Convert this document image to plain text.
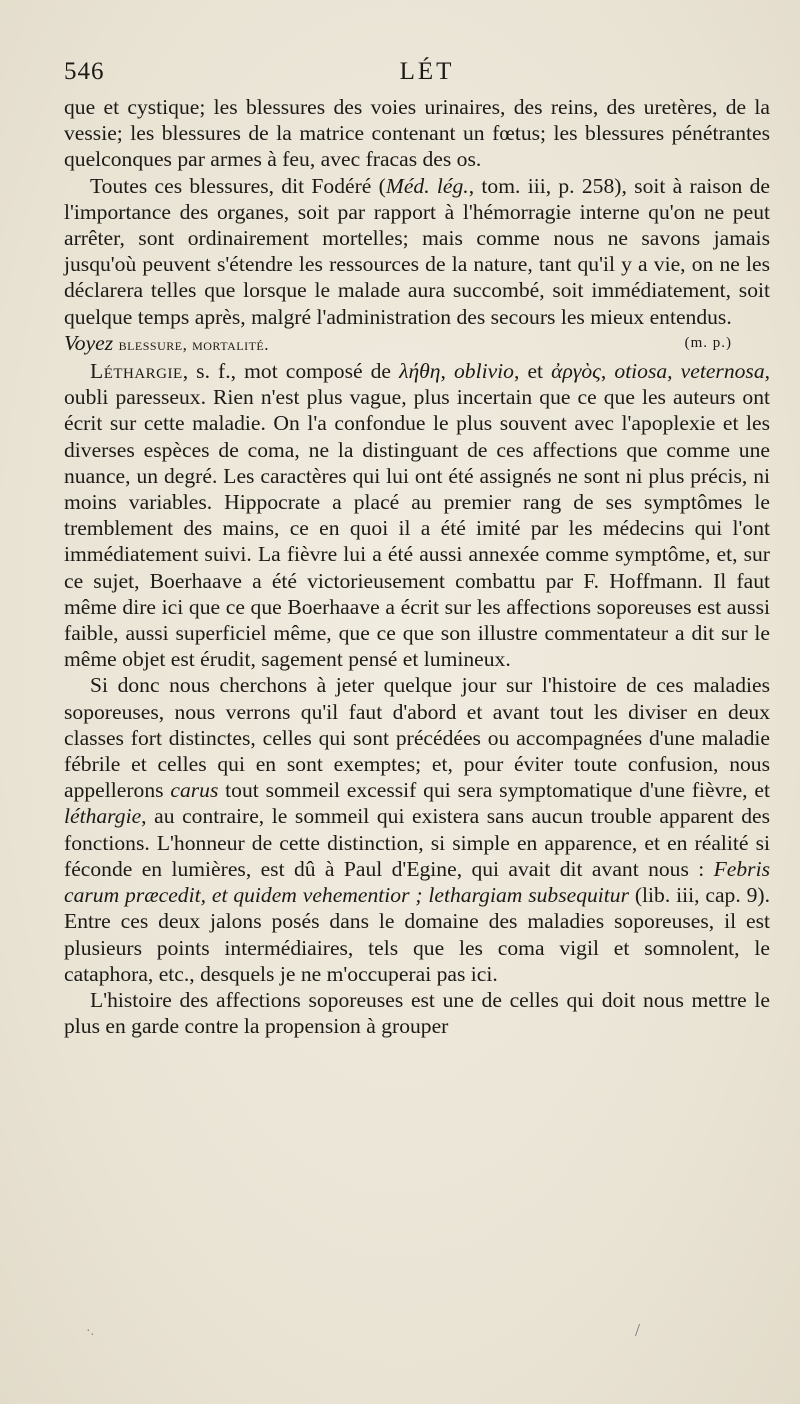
546	LÉT

que et cystique; les blessures des voies urinaires, des reins, des uretères, de la vessie; les blessures de la matrice contenant un fœtus; les blessures pénétrantes quelconques par armes à feu, avec fracas des os.

Toutes ces blessures, dit Fodéré (Méd. lég., tom. iii, p. 258), soit à raison de l'importance des organes, soit par rapport à l'hémorragie interne qu'on ne peut arrêter, sont ordinairement mortelles; mais comme nous ne savons jamais jusqu'où peuvent s'étendre les ressources de la nature, tant qu'il y a vie, on ne les déclarera telles que lorsque le malade aura succombé, soit immédiatement, soit quelque temps après, malgré l'administration des secours les mieux entendus.

Voyez blessure, mortalité.	(m. p.)

Léthargie, s. f., mot composé de λήθη, oblivio, et ἀργὸς, otiosa, veternosa, oubli paresseux. Rien n'est plus vague, plus incertain que ce que les auteurs ont écrit sur cette maladie. On l'a confondue le plus souvent avec l'apoplexie et les diverses espèces de coma, ne la distinguant de ces affections que comme une nuance, un degré. Les caractères qui lui ont été assignés ne sont ni plus précis, ni moins variables. Hippocrate a placé au premier rang de ses symptômes le tremblement des mains, ce en quoi il a été imité par les médecins qui l'ont immédiatement suivi. La fièvre lui a été aussi annexée comme symptôme, et, sur ce sujet, Boerhaave a été victorieusement combattu par F. Hoffmann. Il faut même dire ici que ce que Boerhaave a écrit sur les affections soporeuses est aussi faible, aussi superficiel même, que ce que son illustre commentateur a dit sur le même objet est érudit, sagement pensé et lumineux.

Si donc nous cherchons à jeter quelque jour sur l'histoire de ces maladies soporeuses, nous verrons qu'il faut d'abord et avant tout les diviser en deux classes fort distinctes, celles qui sont précédées ou accompagnées d'une maladie fébrile et celles qui en sont exemptes; et, pour éviter toute confusion, nous appellerons carus tout sommeil excessif qui sera symptomatique d'une fièvre, et léthargie, au contraire, le sommeil qui existera sans aucun trouble apparent des fonctions. L'honneur de cette distinction, si simple en apparence, et en réalité si féconde en lumières, est dû à Paul d'Egine, qui avait dit avant nous : Febris carum præcedit, et quidem vehementior ; lethargiam subsequitur (lib. iii, cap. 9). Entre ces deux jalons posés dans le domaine des maladies soporeuses, il est plusieurs points intermédiaires, tels que les coma vigil et somnolent, le cataphora, etc., desquels je ne m'occuperai pas ici.

L'histoire des affections soporeuses est une de celles qui doit nous mettre le plus en garde contre la propension à grouper

·.	/
